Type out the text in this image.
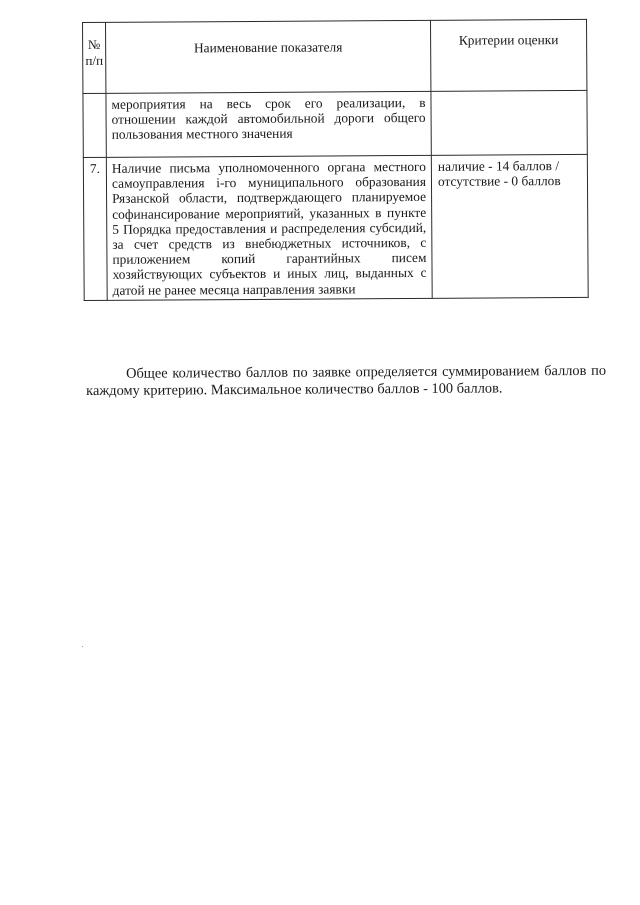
№
п/п	Наименование показателя	Критерии оценки
	мероприятия на весь срок его реализации, в отношении каждой автомобильной дороги общего пользования местного значения	
7.	Наличие письма уполномоченного органа местного самоуправления i-го муниципального образования Рязанской области, подтверждающего планируемое софинансирование мероприятий, указанных в пункте 5 Порядка предоставления и распределения субсидий, за счет средств из внебюджетных источников, с приложением копий гарантийных писем хозяйствующих субъектов и иных лиц, выданных с датой не ранее месяца направления заявки	наличие - 14 баллов / отсутствие - 0 баллов

Общее количество баллов по заявке определяется суммированием баллов по каждому критерию. Максимальное количество баллов - 100 баллов.
